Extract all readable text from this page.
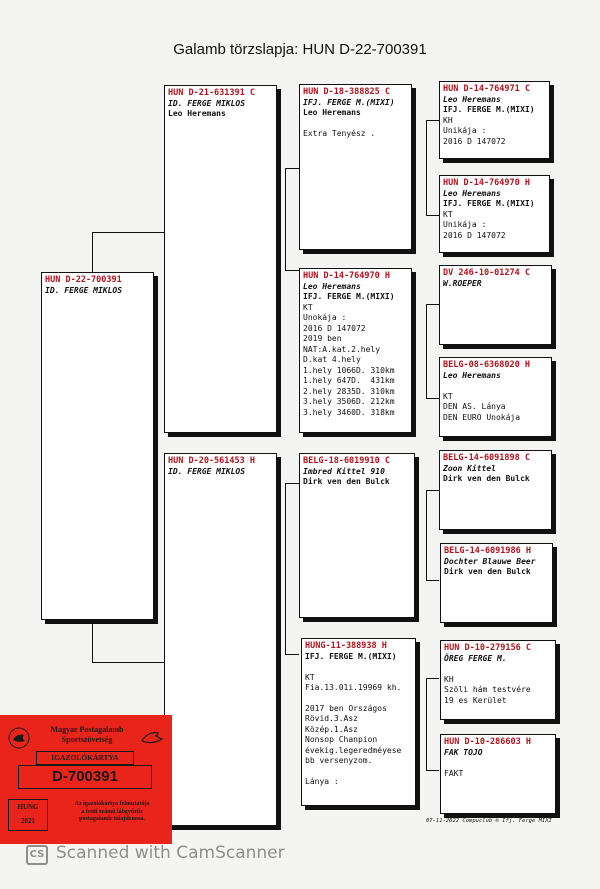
Galamb törzslapja: HUN D-22-700391
HUN D-22-700391
ID. FERGE MIKLOS
HUN D-21-631391 C
ID. FERGE MIKLOS
Leo Heremans
HUN D-20-561453 H
ID. FERGE MIKLOS
HUN D-18-388825 C
IFJ. FERGE M.(MIXI)
Leo Heremans

Extra Tenyész .
HUN D-14-764970 H
Leo Heremans
IFJ. FERGE M.(MIXI)
KT
Unokája :
2016 D 147072
2019 ben
NAT:A.kat.2.hely
D.kat 4.hely
1.hely 1066D. 310km
1.hely 647D.  431km
2.hely 2835D. 310km
3.hely 3506D. 212km
3.hely 3460D. 318km
BELG-18-6019910 C
Imbred Kittel 910
Dirk ven den Bulck
HUNG-11-388938 H
IFJ. FERGE M.(MIXI)

KT
Fia.13.01i.19969 kh.
2017 ben Országos
Rövid.3.Asz
Közép.1.Asz
Nonsop Chanpion
évekig.legeredméyese
bb versenyzom.

Lánya :
HUN D-14-764971 C
Leo Heremans
IFJ. FERGE M.(MIXI)
KH
Unikája :
2016 D 147072
HUN D-14-764970 H
Leo Heremans
IFJ. FERGE M.(MIXI)
KT
Unikája :
2016 D 147072
DV 246-10-01274 C
W.ROEPER
BELG-08-6368020 H
Leo Heremans

KT
DEN AS. Lánya
DEN EURO Unokája
BELG-14-6091898 C
Zoon Kittel
Dirk ven den Bulck
BELG-14-6091986 H
Dochter Blauwe Beer
Dirk ven den Bulck
HUN D-10-279156 C
ÖREG FERGE M.

KH
Szöli hám testvére
19 es Kerület
HUN D-10-286603 H
FAK TOJO

FAKT
07-11-2022 Compuclub ® Ifj. Ferge MIXI
Magyar Postagalamb
Sportszövetség
IGAZOLÓKÁRTYA
D-700391
HUNG
2021
Az igazolókártya felmutatója
a fenti számú lábgyűrűs
postagalamb tulajdonosa.
CS Scanned with CamScanner
